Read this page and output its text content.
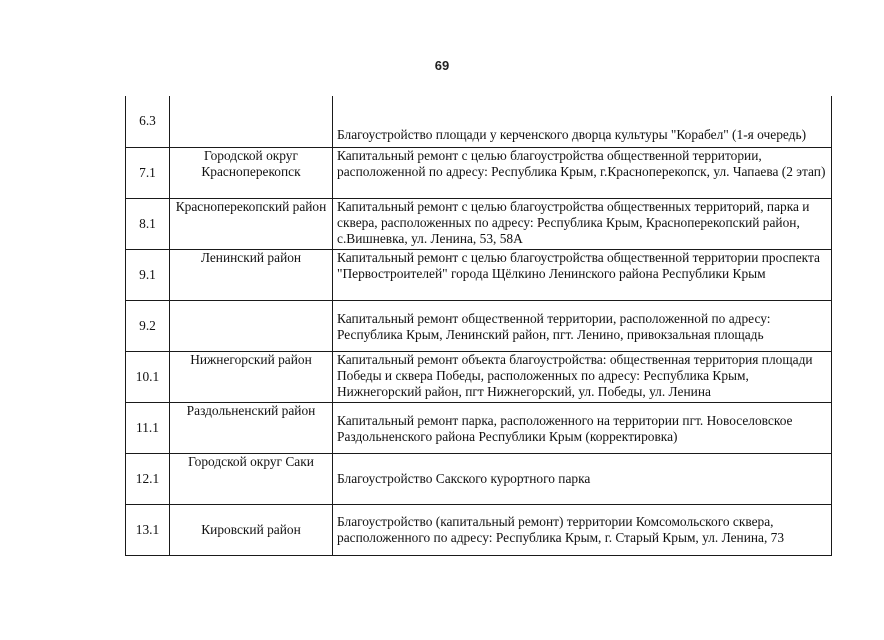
69
6.3		Благоустройство площади у керченского дворца культуры "Корабел" (1-я очередь)
7.1	Городской округ Красноперекопск	Капитальный ремонт с целью благоустройства общественной территории, расположенной по адресу: Республика Крым, г.Красноперекопск, ул. Чапаева (2 этап)
8.1	Красноперекопский район	Капитальный ремонт с целью благоустройства общественных территорий, парка и сквера, расположенных по адресу: Республика Крым, Красноперекопский район, с.Вишневка, ул. Ленина, 53, 58А
9.1	Ленинский район	Капитальный ремонт с целью благоустройства общественной территории проспекта "Первостроителей" города Щёлкино Ленинского района Республики Крым
9.2		Капитальный ремонт общественной территории, расположенной по адресу: Республика Крым, Ленинский район, пгт. Ленино, привокзальная площадь
10.1	Нижнегорский район	Капитальный ремонт объекта благоустройства: общественная территория площади Победы и сквера Победы, расположенных по адресу: Республика Крым, Нижнегорский район, пгт Нижнегорский, ул. Победы, ул. Ленина
11.1	Раздольненский район	Капитальный ремонт парка, расположенного на территории пгт. Новоселовское Раздольненского района Республики Крым (корректировка)
12.1	Городской округ Саки	Благоустройство Сакского курортного парка
13.1	Кировский район	Благоустройство (капитальный ремонт) территории Комсомольского сквера, расположенного по адресу: Республика Крым, г. Старый Крым, ул. Ленина, 73
